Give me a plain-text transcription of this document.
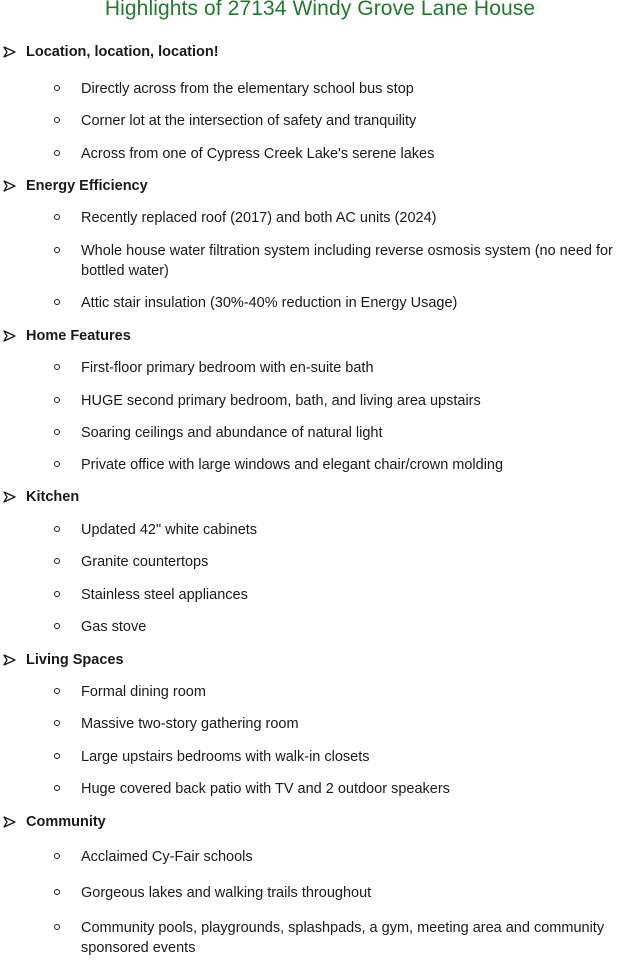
Highlights of 27134 Windy Grove Lane House
Location, location, location!
Directly across from the elementary school bus stop
Corner lot at the intersection of safety and tranquility
Across from one of Cypress Creek Lake's serene lakes
Energy Efficiency
Recently replaced roof (2017) and both AC units (2024)
Whole house water filtration system including reverse osmosis system (no need for bottled water)
Attic stair insulation (30%-40% reduction in Energy Usage)
Home Features
First-floor primary bedroom with en-suite bath
HUGE second primary bedroom, bath, and living area upstairs
Soaring ceilings and abundance of natural light
Private office with large windows and elegant chair/crown molding
Kitchen
Updated 42" white cabinets
Granite countertops
Stainless steel appliances
Gas stove
Living Spaces
Formal dining room
Massive two-story gathering room
Large upstairs bedrooms with walk-in closets
Huge covered back patio with TV and 2 outdoor speakers
Community
Acclaimed Cy-Fair schools
Gorgeous lakes and walking trails throughout
Community pools, playgrounds, splashpads, a gym, meeting area and community sponsored events
